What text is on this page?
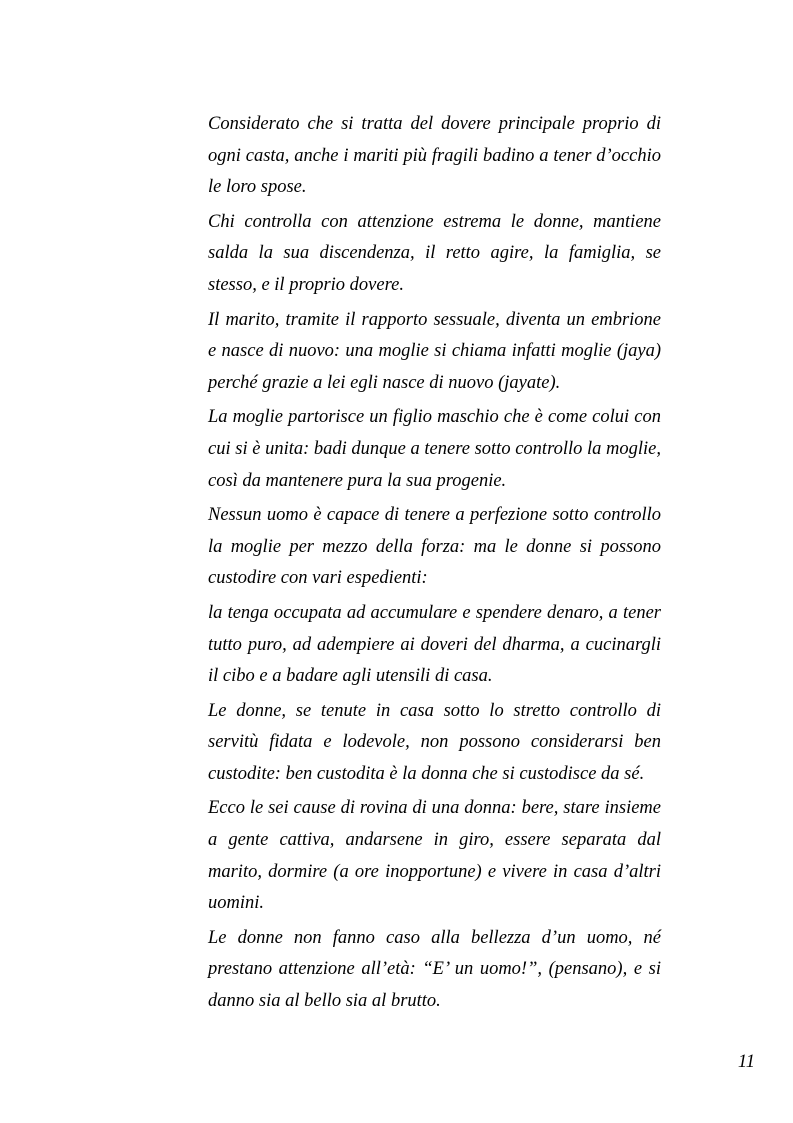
Considerato che si tratta del dovere principale proprio di ogni casta, anche i mariti più fragili badino a tener d’occhio le loro spose.

Chi controlla con attenzione estrema le donne, mantiene salda la sua discendenza, il retto agire, la famiglia, se stesso, e il proprio dovere.

Il marito, tramite il rapporto sessuale, diventa un embrione e nasce di nuovo: una moglie si chiama infatti moglie (jaya) perché grazie a lei egli nasce di nuovo (jayate).

La moglie partorisce un figlio maschio che è come colui con cui si è unita: badi dunque a tenere sotto controllo la moglie, così da mantenere pura la sua progenie.

Nessun uomo è capace di tenere a perfezione sotto controllo la moglie per mezzo della forza: ma le donne si possono custodire con vari espedienti:

la tenga occupata ad accumulare e spendere denaro, a tener tutto puro, ad adempiere ai doveri del dharma, a cucinargli il cibo e a badare agli utensili di casa.

Le donne, se tenute in casa sotto lo stretto controllo di servitù fidata e lodevole, non possono considerarsi ben custodite: ben custodita è la donna che si custodisce da sé.

Ecco le sei cause di rovina di una donna: bere, stare insieme a gente cattiva, andarsene in giro, essere separata dal marito, dormire (a ore inopportune) e vivere in casa d’altri uomini.

Le donne non fanno caso alla bellezza d’un uomo, né prestano attenzione all’età: “E’ un uomo!”, (pensano), e si danno sia al bello sia al brutto.

11
